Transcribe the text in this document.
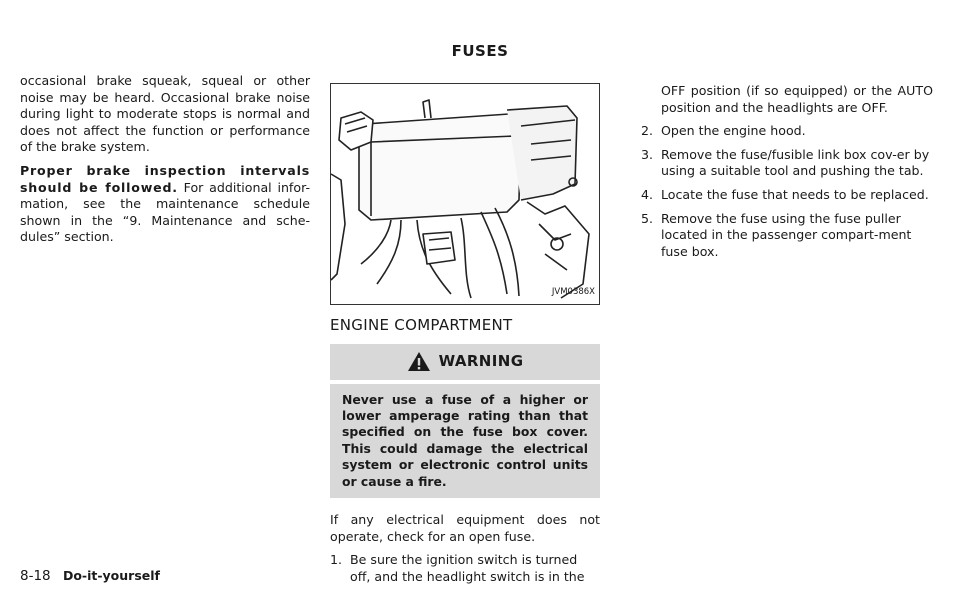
FUSES

occasional brake squeak, squeal or other noise may be heard. Occasional brake noise during light to moderate stops is normal and does not affect the function or performance of the brake system.

Proper brake inspection intervals should be followed. For additional infor-mation, see the maintenance schedule shown in the “9. Maintenance and sche-dules” section.

JVM0386X
ENGINE COMPARTMENT
WARNING
Never use a fuse of a higher or lower amperage rating than that specified on the fuse box cover. This could damage the electrical system or electronic control units or cause a fire.

If any electrical equipment does not operate, check for an open fuse.

1. Be sure the ignition switch is turned off, and the headlight switch is in the

OFF position (if so equipped) or the AUTO position and the headlights are OFF.

2. Open the engine hood.
3. Remove the fuse/fusible link box cov-er by using a suitable tool and pushing the tab.
4. Locate the fuse that needs to be replaced.
5. Remove the fuse using the fuse puller located in the passenger compart-ment fuse box.
8-18 Do-it-yourself
